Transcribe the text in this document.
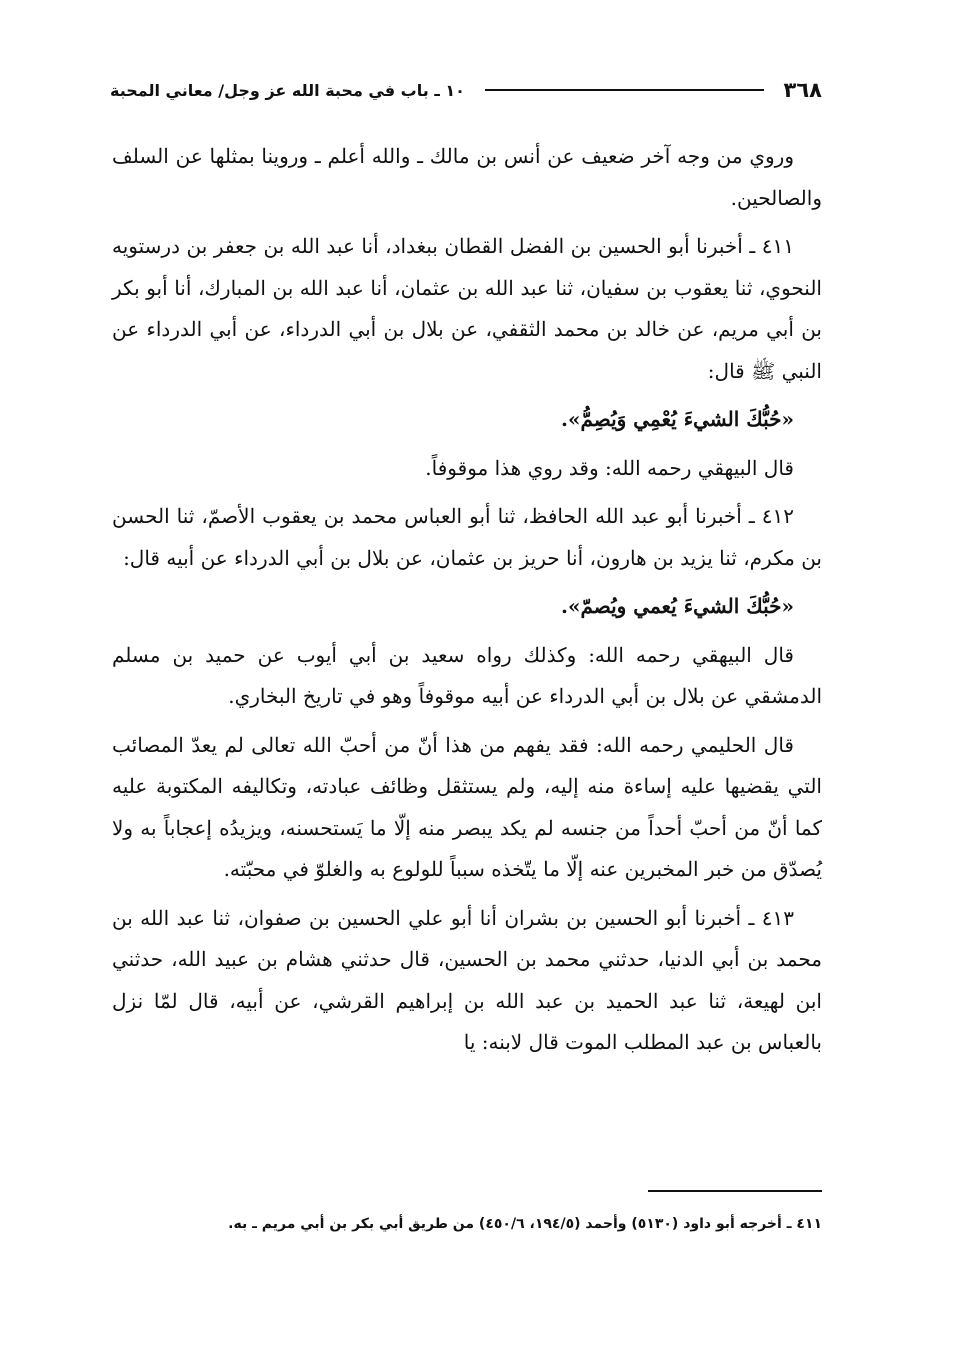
٣٦٨
١٠ ـ باب في محبة الله عز وجل/ معاني المحبة

وروي من وجه آخر ضعيف عن أنس بن مالك ـ والله أعلم ـ وروينا بمثلها عن السلف والصالحين.

٤١١ ـ أخبرنا أبو الحسين بن الفضل القطان ببغداد، أنا عبد الله بن جعفر بن درستويه النحوي، ثنا يعقوب بن سفيان، ثنا عبد الله بن عثمان، أنا عبد الله بن المبارك، أنا أبو بكر بن أبي مريم، عن خالد بن محمد الثقفي، عن بلال بن أبي الدرداء، عن أبي الدرداء عن النبي ﷺ قال:

«حُبُّكَ الشيءَ يُعْمِي وَيُصِمُّ».

قال البيهقي رحمه الله: وقد روي هذا موقوفاً.

٤١٢ ـ أخبرنا أبو عبد الله الحافظ، ثنا أبو العباس محمد بن يعقوب الأصمّ، ثنا الحسن بن مكرم، ثنا يزيد بن هارون، أنا حريز بن عثمان، عن بلال بن أبي الدرداء عن أبيه قال:

«حُبُّكَ الشيءَ يُعمي ويُصمّ».

قال البيهقي رحمه الله: وكذلك رواه سعيد بن أبي أيوب عن حميد بن مسلم الدمشقي عن بلال بن أبي الدرداء عن أبيه موقوفاً وهو في تاريخ البخاري.

قال الحليمي رحمه الله: فقد يفهم من هذا أنّ من أحبّ الله تعالى لم يعدّ المصائب التي يقضيها عليه إساءة منه إليه، ولم يستثقل وظائف عبادته، وتكاليفه المكتوبة عليه كما أنّ من أحبّ أحداً من جنسه لم يكد يبصر منه إلّا ما يَستحسنه، ويزيدُه إعجاباً به ولا يُصدّق من خبر المخبرين عنه إلّا ما يتّخذه سبباً للولوع به والغلوّ في محبّته.

٤١٣ ـ أخبرنا أبو الحسين بن بشران أنا أبو علي الحسين بن صفوان، ثنا عبد الله بن محمد بن أبي الدنيا، حدثني محمد بن الحسين، قال حدثني هشام بن عبيد الله، حدثني ابن لهيعة، ثنا عبد الحميد بن عبد الله بن إبراهيم القرشي، عن أبيه، قال لمّا نزل بالعباس بن عبد المطلب الموت قال لابنه: يا

٤١١ ـ أخرجه أبو داود (٥١٣٠) وأحمد (١٩٤/٥، ٤٥٠/٦) من طريق أبي بكر بن أبي مريم ـ به.
